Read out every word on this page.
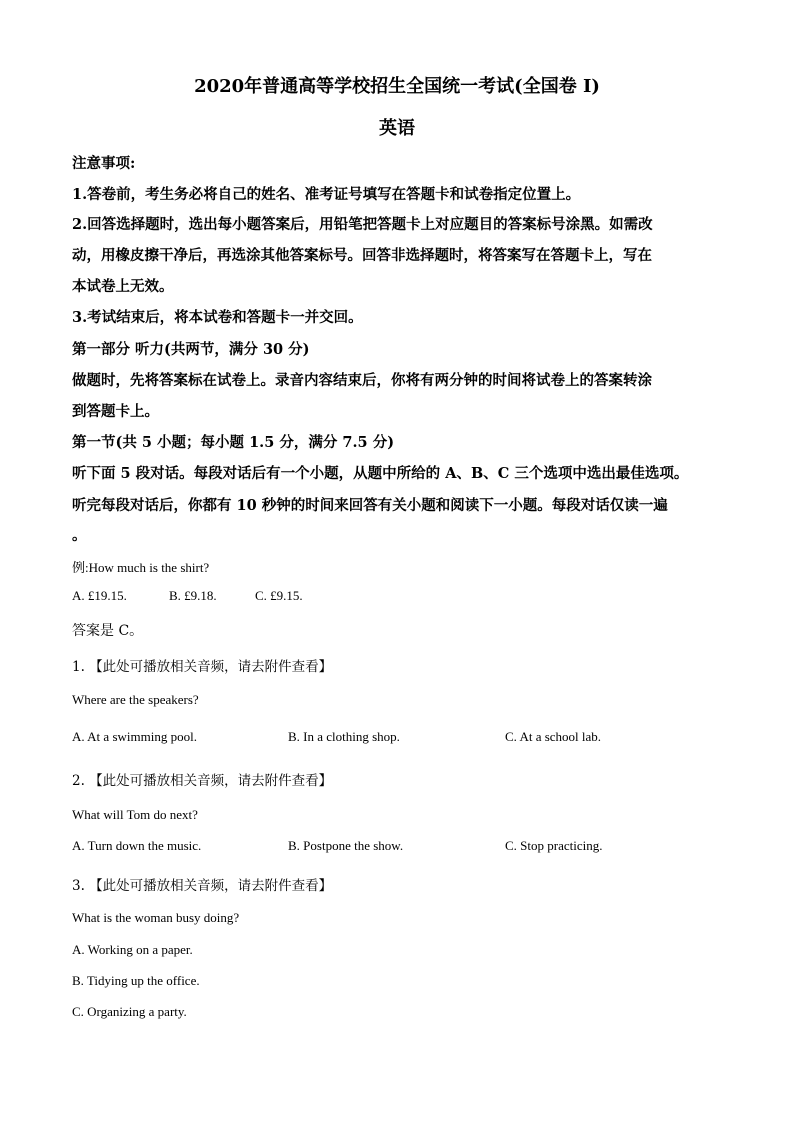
2020年普通高等学校招生全国统一考试(全国卷 I)
英语
注意事项:
1.答卷前，考生务必将自己的姓名、准考证号填写在答题卡和试卷指定位置上。
2.回答选择题时，选出每小题答案后，用铅笔把答题卡上对应题目的答案标号涂黑。如需改
动，用橡皮擦干净后，再选涂其他答案标号。回答非选择题时，将答案写在答题卡上，写在
本试卷上无效。
3.考试结束后，将本试卷和答题卡一并交回。
第一部分 听力(共两节，满分 30 分)
做题时，先将答案标在试卷上。录音内容结束后，你将有两分钟的时间将试卷上的答案转涂
到答题卡上。
第一节(共 5 小题；每小题 1.5 分，满分 7.5 分)
听下面 5 段对话。每段对话后有一个小题，从题中所给的 A、B、C 三个选项中选出最佳选项。
听完每段对话后，你都有 10 秒钟的时间来回答有关小题和阅读下一小题。每段对话仅读一遍
。
例:How much is the shirt?
A. £19.15.	B. £9.18.	C. £9.15.
答案是 C。
1. 【此处可播放相关音频，请去附件查看】
Where are the speakers?
A. At a swimming pool.	B. In a clothing shop.	C. At a school lab.
2. 【此处可播放相关音频，请去附件查看】
What will Tom do next?
A. Turn down the music.	B. Postpone the show.	C. Stop practicing.
3. 【此处可播放相关音频，请去附件查看】
What is the woman busy doing?
A. Working on a paper.
B. Tidying up the office.
C. Organizing a party.
